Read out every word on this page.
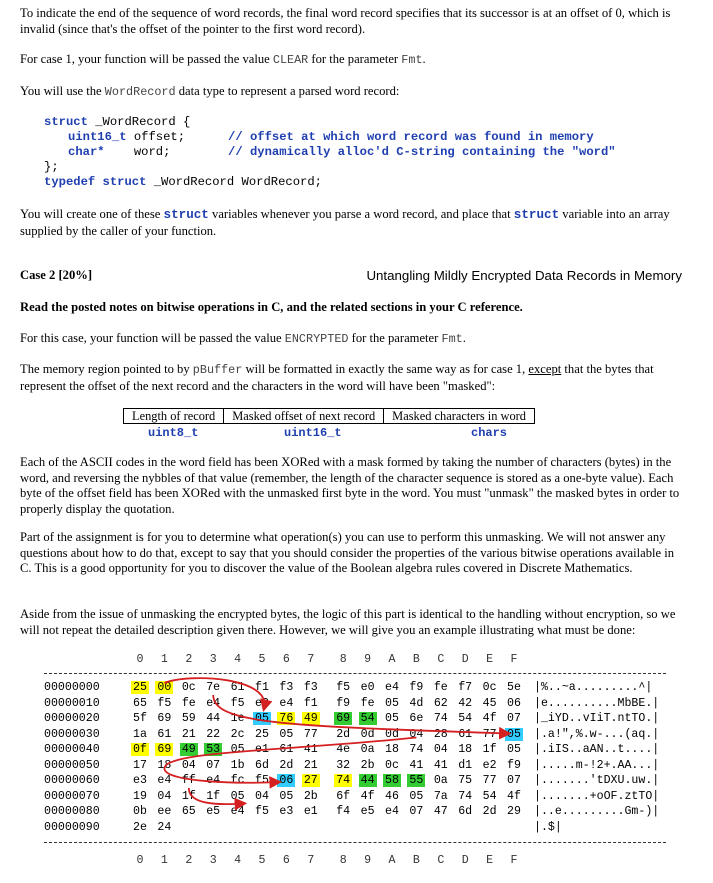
To indicate the end of the sequence of word records, the final word record specifies that its successor is at an offset of 0, which is invalid (since that's the offset of the pointer to the first word record).

For case 1, your function will be passed the value CLEAR for the parameter Fmt.

You will use the WordRecord data type to represent a parsed word record:

struct _WordRecord {
uint16_t offset;	// offset at which word record was found in memory
char*    word;	// dynamically alloc'd C-string containing the "word"
};
typedef struct _WordRecord WordRecord;

You will create one of these struct variables whenever you parse a word record, and place that struct variable into an array supplied by the caller of your function.

Case 2 [20%]	Untangling Mildly Encrypted Data Records in Memory

Read the posted notes on bitwise operations in C, and the related sections in your C reference.

For this case, your function will be passed the value ENCRYPTED for the parameter Fmt.

The memory region pointed to by pBuffer will be formatted in exactly the same way as for case 1, except that the bytes that represent the offset of the next record and the characters in the word will have been "masked":

Length of record	Masked offset of next record	Masked characters in word
uint8_t	uint16_t	chars

Each of the ASCII codes in the word field has been XORed with a mask formed by taking the number of characters (bytes) in the word, and reversing the nybbles of that value (remember, the length of the character sequence is stored as a one-byte value). Each byte of the offset field has been XORed with the unmasked first byte in the word. You must "unmask" the masked bytes in order to properly display the quotation.

Part of the assignment is for you to determine what operation(s) you can use to perform this unmasking. We will not answer any questions about how to do that, except to say that you should consider the properties of the various bitwise operations available in C. This is a good opportunity for you to discover the value of the Boolean algebra rules covered in Discrete Mathematics.

Aside from the issue of unmasking the encrypted bytes, the logic of this part is identical to the handling without encryption, so we will not repeat the detailed description given there. However, we will give you an example illustrating what must be done:

0	1	2	3	4	5	6	7	8	9	A	B	C	D	E	F
00000000	25 00 0c 7e 61 f1 f3 f3 f5 e0 e4 f9 fe f7 0c 5e |%..~a.........^|
00000010	65 f5 fe e4 f5 e2 e4 f1 f9 fe 05 4d 62 42 45 06 |e..........MbBE.|
00000020	5f 69 59 44 1e 05 76 49 69 54 05 6e 74 54 4f 07 |_iYD..vIiT.ntTO.|
00000030	1a 61 21 22 2c 25 05 77 2d 0d 0d 04 28 61 77 05 |.a!",%.w-...(aq.|
00000040	0f 69 49 53 05 e1 61 41 4e 0a 18 74 04 18 1f 05 |.iIS..aAN..t....|
00000050	17 18 04 07 1b 6d 2d 21 32 2b 0c 41 41 d1 e2 f9 |.....m-!2+.AA...|
00000060	e3 e4 ff e4 fc f5 06 27 74 44 58 55 0a 75 77 07 |.......'tDXU.uw.|
00000070	19 04 1f 1f 05 04 05 2b 6f 4f 46 05 7a 74 54 4f |.......+oOF.ztTO|
00000080	0b ee 65 e5 e4 f5 e3 e1 f4 e5 e4 07 47 6d 2d 29 |..e.........Gm-)|
00000090	2e 24	|.$|
0	1	2	3	4	5	6	7	8	9	A	B	C	D	E	F
